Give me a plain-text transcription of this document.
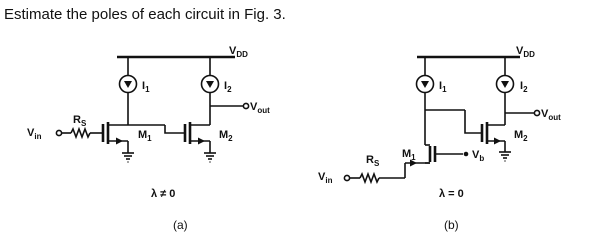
Estimate the poles of each circuit in Fig. 3.
$V_{DD}$
$I_1$	$I_2$
$V_{out}$
$V_{in}$
$R_S$
$M_1$	$M_2$
λ ≠ 0
(a)
$V_{DD}$
$I_1$	$I_2$
$V_{out}$
$M_2$
$M_1$	$V_b$
$V_{in}$
$R_S$
λ = 0
(b)
